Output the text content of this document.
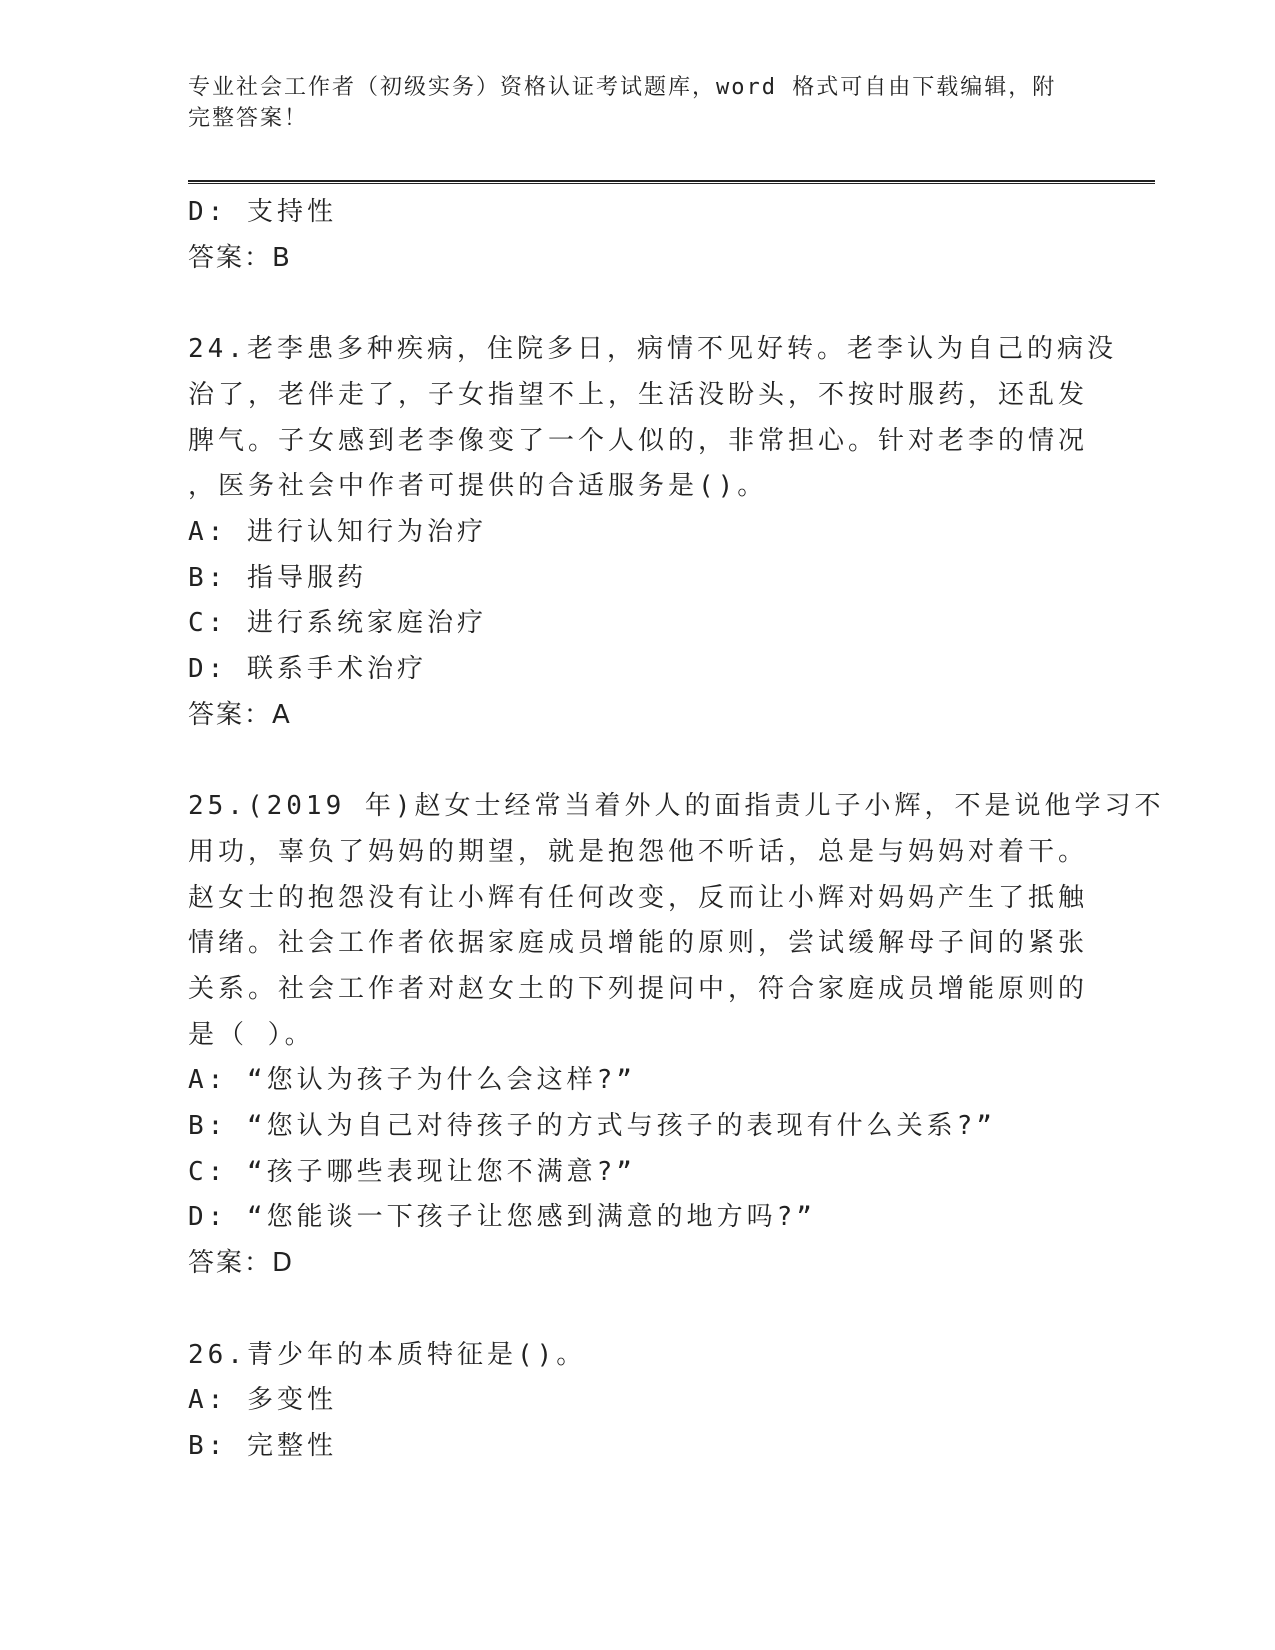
专业社会工作者（初级实务）资格认证考试题库，word 格式可自由下载编辑，附
完整答案！
D: 支持性
答案：B
24.老李患多种疾病，住院多日，病情不见好转。老李认为自己的病没
治了，老伴走了，子女指望不上，生活没盼头，不按时服药，还乱发
脾气。子女感到老李像变了一个人似的，非常担心。针对老李的情况
，医务社会中作者可提供的合适服务是()。
A: 进行认知行为治疗
B: 指导服药
C: 进行系统家庭治疗
D: 联系手术治疗
答案：A
25.(2019 年)赵女士经常当着外人的面指责儿子小辉，不是说他学习不
用功，辜负了妈妈的期望，就是抱怨他不听话，总是与妈妈对着干。
赵女士的抱怨没有让小辉有任何改变，反而让小辉对妈妈产生了抵触
情绪。社会工作者依据家庭成员增能的原则，尝试缓解母子间的紧张
关系。社会工作者对赵女土的下列提问中，符合家庭成员增能原则的
是（ ）。
A: “您认为孩子为什么会这样?”
B: “您认为自己对待孩子的方式与孩子的表现有什么关系?”
C: “孩子哪些表现让您不满意?”
D: “您能谈一下孩子让您感到满意的地方吗?”
答案：D
26.青少年的本质特征是()。
A: 多变性
B: 完整性
